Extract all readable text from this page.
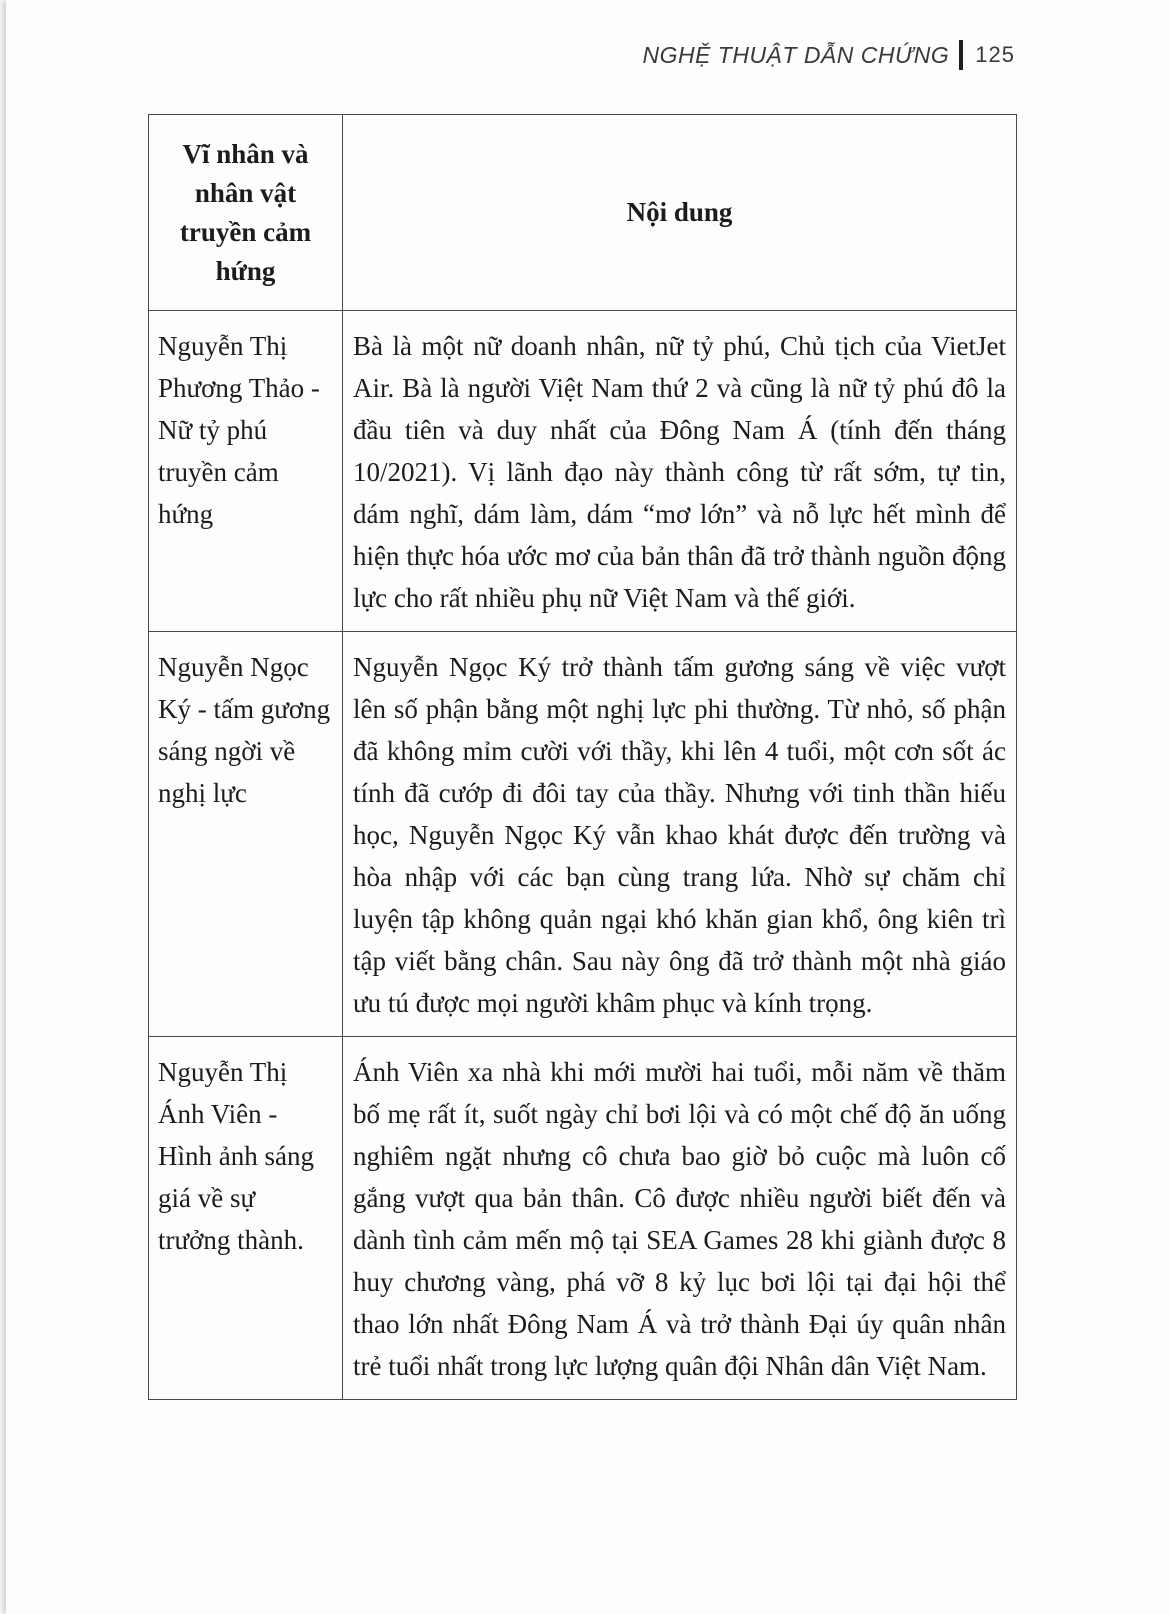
NGHỆ THUẬT DẪN CHỨNG 125
Vĩ nhân và nhân vật truyền cảm hứng	Nội dung
Nguyễn Thị Phương Thảo - Nữ tỷ phú truyền cảm hứng	Bà là một nữ doanh nhân, nữ tỷ phú, Chủ tịch của VietJet Air. Bà là người Việt Nam thứ 2 và cũng là nữ tỷ phú đô la đầu tiên và duy nhất của Đông Nam Á (tính đến tháng 10/2021). Vị lãnh đạo này thành công từ rất sớm, tự tin, dám nghĩ, dám làm, dám “mơ lớn” và nỗ lực hết mình để hiện thực hóa ước mơ của bản thân đã trở thành nguồn động lực cho rất nhiều phụ nữ Việt Nam và thế giới.
Nguyễn Ngọc Ký - tấm gương sáng ngời về nghị lực	Nguyễn Ngọc Ký trở thành tấm gương sáng về việc vượt lên số phận bằng một nghị lực phi thường. Từ nhỏ, số phận đã không mỉm cười với thầy, khi lên 4 tuổi, một cơn sốt ác tính đã cướp đi đôi tay của thầy. Nhưng với tinh thần hiếu học, Nguyễn Ngọc Ký vẫn khao khát được đến trường và hòa nhập với các bạn cùng trang lứa. Nhờ sự chăm chỉ luyện tập không quản ngại khó khăn gian khổ, ông kiên trì tập viết bằng chân. Sau này ông đã trở thành một nhà giáo ưu tú được mọi người khâm phục và kính trọng.
Nguyễn Thị Ánh Viên - Hình ảnh sáng giá về sự trưởng thành.	Ánh Viên xa nhà khi mới mười hai tuổi, mỗi năm về thăm bố mẹ rất ít, suốt ngày chỉ bơi lội và có một chế độ ăn uống nghiêm ngặt nhưng cô chưa bao giờ bỏ cuộc mà luôn cố gắng vượt qua bản thân. Cô được nhiều người biết đến và dành tình cảm mến mộ tại SEA Games 28 khi giành được 8 huy chương vàng, phá vỡ 8 kỷ lục bơi lội tại đại hội thể thao lớn nhất Đông Nam Á và trở thành Đại úy quân nhân trẻ tuổi nhất trong lực lượng quân đội Nhân dân Việt Nam.
